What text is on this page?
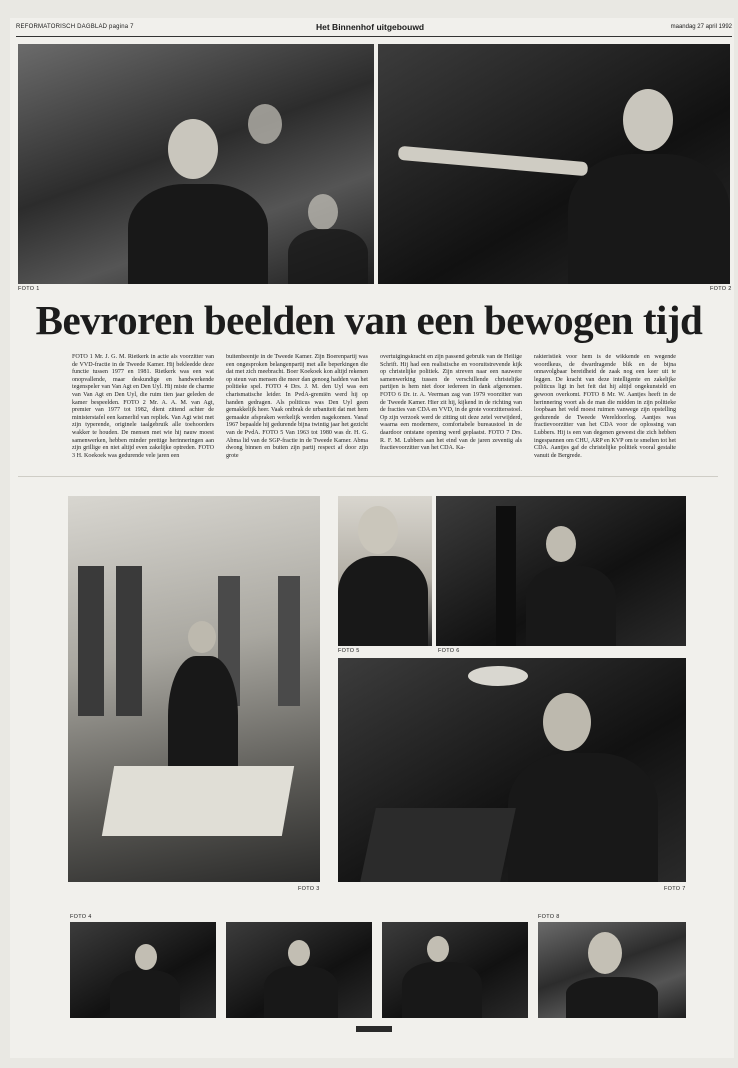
REFORMATORISCH DAGBLAD pagina 7	Het Binnenhof uitgebouwd	maandag 27 april 1992
FOTO 1	FOTO 2
Bevroren beelden van een bewogen tijd

FOTO 1 Mr. J. G. M. Rietkerk in actie als voorzitter van de VVD-fractie in de Tweede Kamer. Hij bekleedde deze functie tussen 1977 en 1981. Rietkerk was een wat onopvallende, maar deskundige en handwerkende tegenspeler van Van Agt en Den Uyl. Hij miste de charme van Van Agt en Den Uyl, die ruim tien jaar geleden de kamer bespeelden. FOTO 2 Mr. A. A. M. van Agt, premier van 1977 tot 1982, dient zittend achter de ministerstafel een kamerlid van repliek. Van Agt wist met zijn typerende, originele taalgebruik alle toehoorders wakker te houden. De mensen met wie hij nauw moest samenwerken, hebben minder prettige herinneringen aan zijn grillige en niet altijd even zakelijke optreden. FOTO 3 H. Koekoek was gedurende vele jaren een

buitenbeentje in de Tweede Kamer. Zijn Boerenpartij was een ongesproken belangenpartij met alle beperkingen die dat met zich meebracht. Boer Koekoek kon altijd rekenen op steun van mensen die meer dan genoeg hadden van het politieke spel. FOTO 4 Drs. J. M. den Uyl was een charismatische leider. In PvdA-gremiën werd hij op handen gedragen. Als politicus was Den Uyl geen gemakkelijk heer. Vaak ontbrak de urbaniteit dat met hem gemaakte afspraken werkelijk werden nagekomen. Vanaf 1967 bepaalde hij gedurende bijna twintig jaar het gezicht van de PvdA. FOTO 5 Van 1963 tot 1980 was dr. H. G. Abma lid van de SGP-fractie in de Tweede Kamer. Abma dwong binnen en buiten zijn partij respect af door zijn grote

overtuigingskracht en zijn passend gebruik van de Heilige Schrift. Hij had een realistische en vooruitstrevende kijk op christelijke politiek. Zijn streven naar een nauwere samenwerking tussen de verschillende christelijke partijen is hem niet door iedereen in dank afgenomen. FOTO 6 Dr. ir. A. Veerman zag van 1979 voorzitter van de Tweede Kamer. Hier zit hij, kijkend in de richting van de fracties van CDA en VVD, in de grote voorzittersstoel. Op zijn verzoek werd de zitting uit deze zetel verwijderd, waarna een modernere, comfortabele bureaustoel in de daardoor ontstane opening werd geplaatst. FOTO 7 Drs. R. F. M. Lubbers aan het eind van de jaren zeventig als fractievoorzitter van het CDA. Ka-

rakteristiek voor hem is de wikkende en wegende woordkeus, de dwardragende blik en de bijna onnavolgbaar bereidheid de zaak nog een keer uit te leggen. De kracht van deze intelligente en zakelijke politicus ligt in het feit dat hij altijd ongekunsteld en gewoon overkomt. FOTO 8 Mr. W. Aantjes heeft in de herinnering voort als de man die midden in zijn politieke loopbaan het veld moest ruimen vanwege zijn opstelling gedurende de Tweede Wereldoorlog. Aantjes was fractievoorzitter van het CDA voor de oplossing van Lubbers. Hij is een van degenen geweest die zich hebben ingespannen om CHU, ARP en KVP om te smelten tot het CDA. Aantjes gaf de christelijke politiek vooral gestalte vanuit de Bergrede.

FOTO 3
FOTO 5	FOTO 6
FOTO 7
FOTO 4	FOTO 8
